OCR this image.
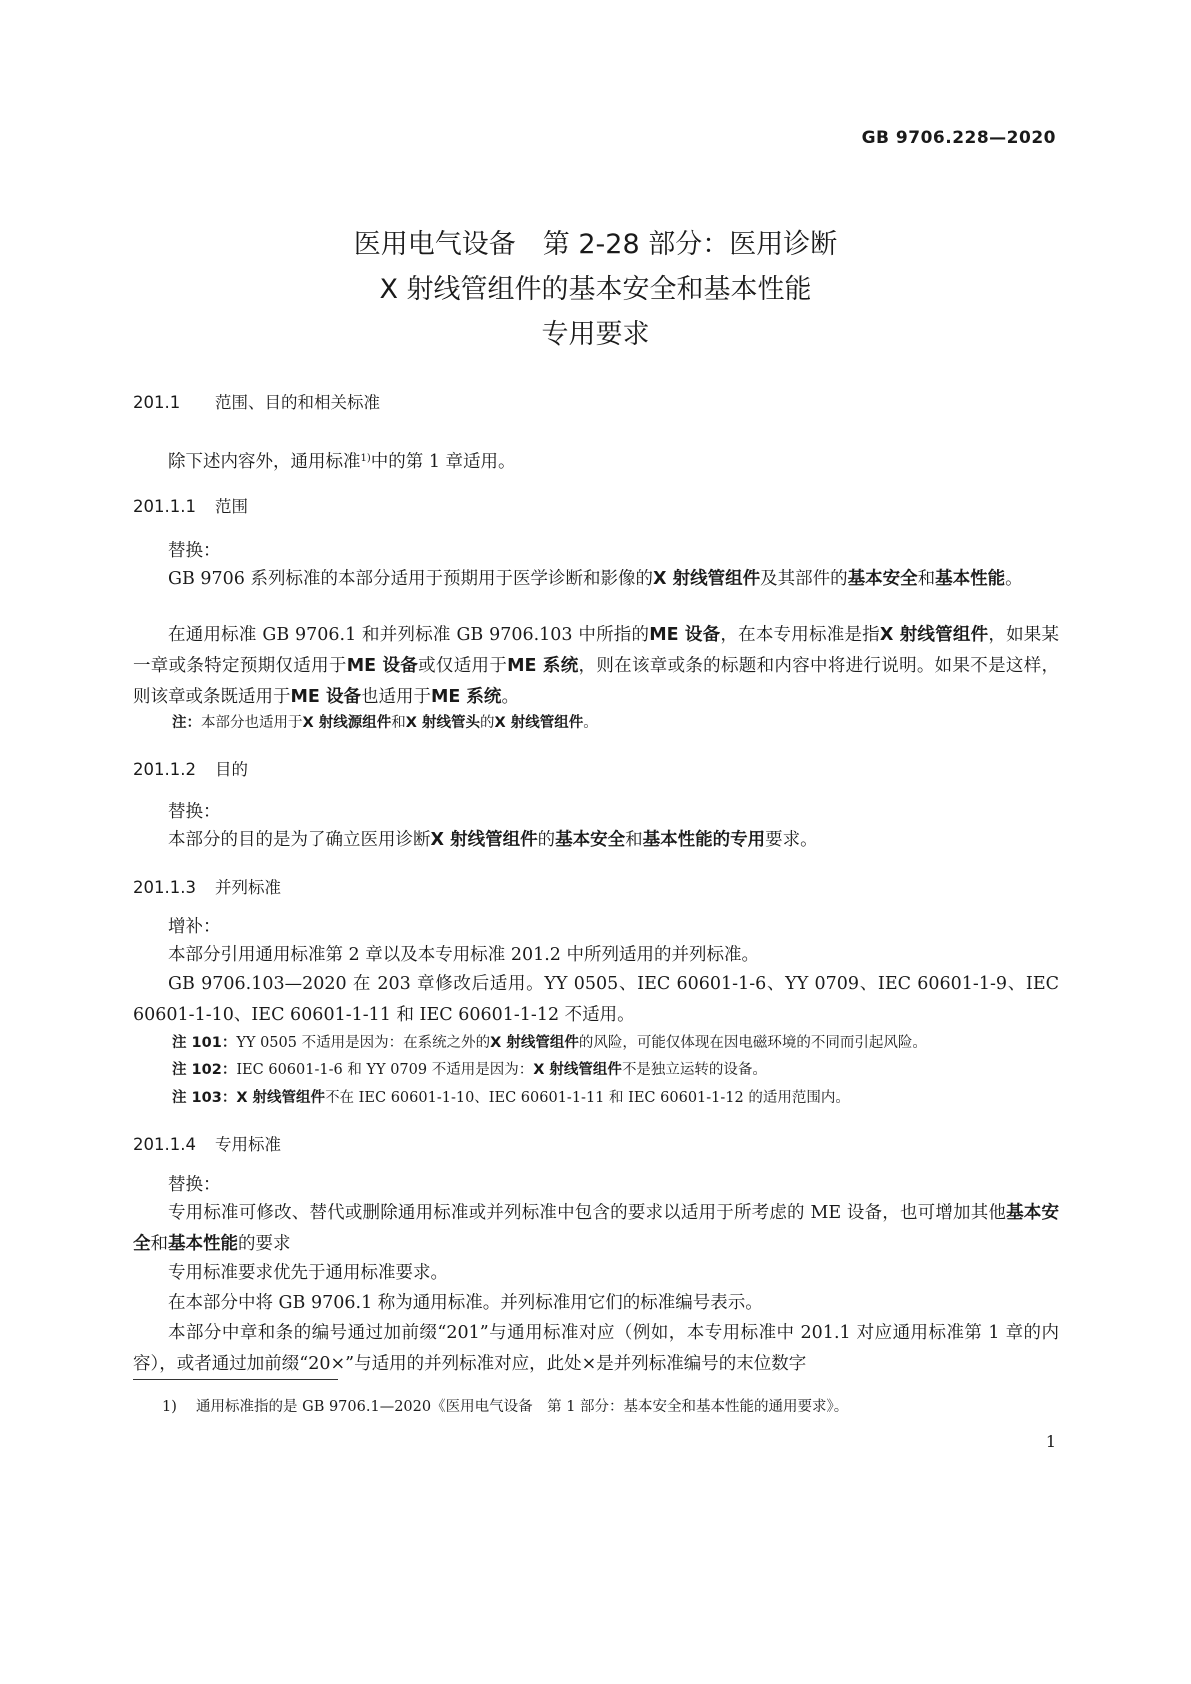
GB 9706.228—2020
医用电气设备　第 2-28 部分：医用诊断
X 射线管组件的基本安全和基本性能
专用要求
201.1 范围、目的和相关标准
除下述内容外，通用标准$^{1)}$中的第 1 章适用。
201.1.1 范围
替换：
GB 9706 系列标准的本部分适用于预期用于医学诊断和影像的X 射线管组件及其部件的基本安全和基本性能。
在通用标准 GB 9706.1 和并列标准 GB 9706.103 中所指的ME 设备，在本专用标准是指X 射线管组件，如果某一章或条特定预期仅适用于ME 设备或仅适用于ME 系统，则在该章或条的标题和内容中将进行说明。如果不是这样，则该章或条既适用于ME 设备也适用于ME 系统。
注：本部分也适用于X 射线源组件和X 射线管头的X 射线管组件。
201.1.2 目的
替换：
本部分的目的是为了确立医用诊断X 射线管组件的基本安全和基本性能的专用要求。
201.1.3 并列标准
增补：
本部分引用通用标准第 2 章以及本专用标准 201.2 中所列适用的并列标准。
GB 9706.103—2020 在 203 章修改后适用。YY 0505、IEC 60601-1-6、YY 0709、IEC 60601-1-9、IEC 60601-1-10、IEC 60601-1-11 和 IEC 60601-1-12 不适用。
注 101：YY 0505 不适用是因为：在系统之外的X 射线管组件的风险，可能仅体现在因电磁环境的不同而引起风险。
注 102：IEC 60601-1-6 和 YY 0709 不适用是因为：X 射线管组件不是独立运转的设备。
注 103：X 射线管组件不在 IEC 60601-1-10、IEC 60601-1-11 和 IEC 60601-1-12 的适用范围内。
201.1.4 专用标准
替换：
专用标准可修改、替代或删除通用标准或并列标准中包含的要求以适用于所考虑的 ME 设备，也可增加其他基本安全和基本性能的要求
专用标准要求优先于通用标准要求。
在本部分中将 GB 9706.1 称为通用标准。并列标准用它们的标准编号表示。
本部分中章和条的编号通过加前缀“201”与通用标准对应（例如，本专用标准中 201.1 对应通用标准第 1 章的内容），或者通过加前缀“20×”与适用的并列标准对应，此处×是并列标准编号的末位数字
1) 通用标准指的是 GB 9706.1—2020《医用电气设备　第 1 部分：基本安全和基本性能的通用要求》。
1
